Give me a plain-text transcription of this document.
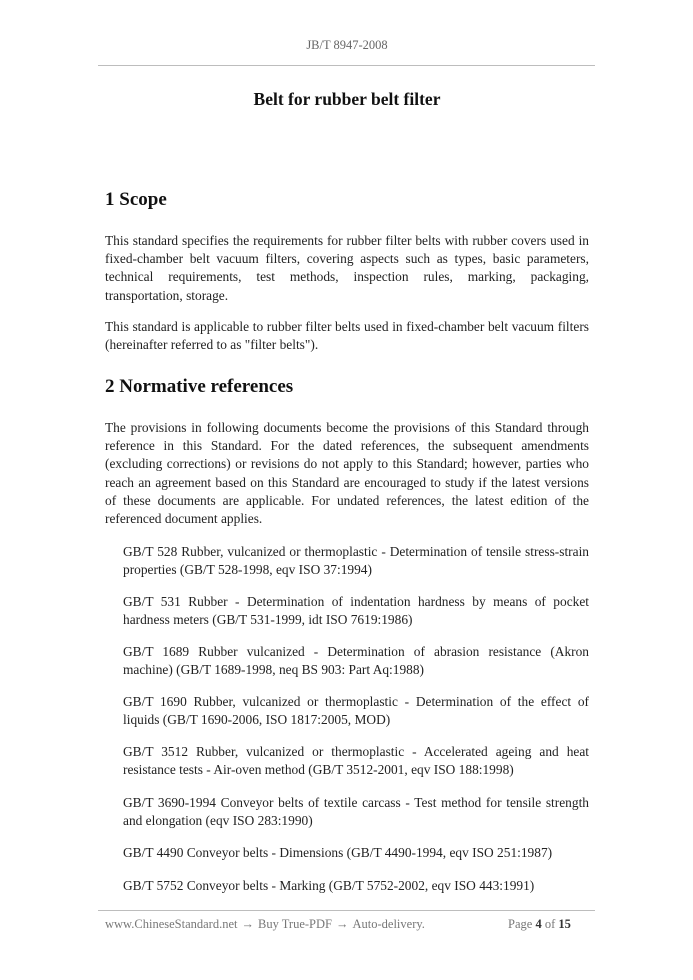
JB/T 8947-2008
Belt for rubber belt filter
1 Scope

This standard specifies the requirements for rubber filter belts with rubber covers used in fixed-chamber belt vacuum filters, covering aspects such as types, basic parameters, technical requirements, test methods, inspection rules, marking, packaging, transportation, storage.

This standard is applicable to rubber filter belts used in fixed-chamber belt vacuum filters (hereinafter referred to as "filter belts").

2 Normative references

The provisions in following documents become the provisions of this Standard through reference in this Standard. For the dated references, the subsequent amendments (excluding corrections) or revisions do not apply to this Standard; however, parties who reach an agreement based on this Standard are encouraged to study if the latest versions of these documents are applicable. For undated references, the latest edition of the referenced document applies.

GB/T 528 Rubber, vulcanized or thermoplastic - Determination of tensile stress-strain properties (GB/T 528-1998, eqv ISO 37:1994)

GB/T 531 Rubber - Determination of indentation hardness by means of pocket hardness meters (GB/T 531-1999, idt ISO 7619:1986)

GB/T 1689 Rubber vulcanized - Determination of abrasion resistance (Akron machine) (GB/T 1689-1998, neq BS 903: Part Aq:1988)

GB/T 1690 Rubber, vulcanized or thermoplastic - Determination of the effect of liquids (GB/T 1690-2006, ISO 1817:2005, MOD)

GB/T 3512 Rubber, vulcanized or thermoplastic - Accelerated ageing and heat resistance tests - Air-oven method (GB/T 3512-2001, eqv ISO 188:1998)

GB/T 3690-1994 Conveyor belts of textile carcass - Test method for tensile strength and elongation (eqv ISO 283:1990)

GB/T 4490 Conveyor belts - Dimensions (GB/T 4490-1994, eqv ISO 251:1987)

GB/T 5752 Conveyor belts - Marking (GB/T 5752-2002, eqv ISO 443:1991)

www.ChineseStandard.net → Buy True-PDF → Auto-delivery.	Page 4 of 15
